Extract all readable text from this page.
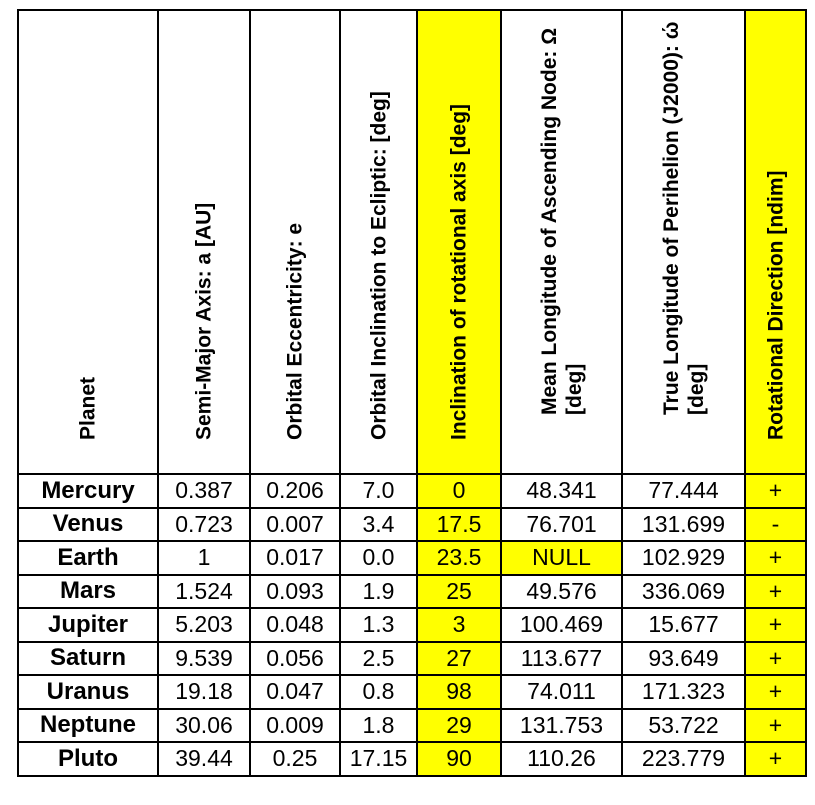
Planet	Semi-Major Axis: a [AU]	Orbital Eccentricity: e	Orbital Inclination to Ecliptic: [deg]	Inclination of rotational axis [deg]	Mean Longitude of Ascending Node: Ω [deg]	True Longitude of Perihelion (J2000): ώ [deg]	Rotational Direction [ndim]

Mercury	0.387	0.206	7.0	0	48.341	77.444	+
Venus	0.723	0.007	3.4	17.5	76.701	131.699	-
Earth	1	0.017	0.0	23.5	NULL	102.929	+
Mars	1.524	0.093	1.9	25	49.576	336.069	+
Jupiter	5.203	0.048	1.3	3	100.469	15.677	+
Saturn	9.539	0.056	2.5	27	113.677	93.649	+
Uranus	19.18	0.047	0.8	98	74.011	171.323	+
Neptune	30.06	0.009	1.8	29	131.753	53.722	+
Pluto	39.44	0.25	17.15	90	110.26	223.779	+
